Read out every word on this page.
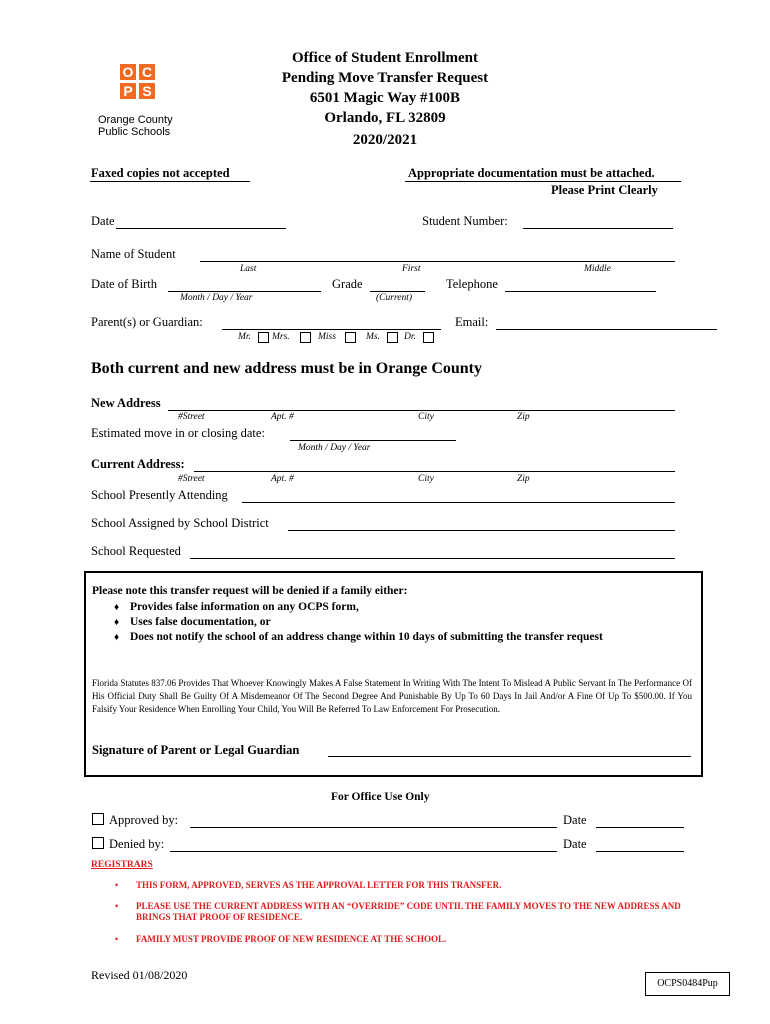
O C
P S
Orange County
Public Schools
Office of Student Enrollment
Pending Move Transfer Request
6501 Magic Way #100B
Orlando, FL 32809
2020/2021
Faxed copies not accepted	Appropriate documentation must be attached.
Please Print Clearly
Date	Student Number:
Name of Student
Last	First	Middle
Date of Birth
Month / Day / Year
Grade
(Current)
Telephone
Parent(s) or Guardian:	Email:
Mr. Mrs.	Miss	Ms.	Dr.
Both current and new address must be in Orange County
New Address
#Street	Apt. #	City	Zip
Estimated move in or closing date:
Month / Day / Year
Current Address:
#Street	Apt. #	City	Zip
School Presently Attending
School Assigned by School District
School Requested
Please note this transfer request will be denied if a family either:
♦ Provides false information on any OCPS form,
♦ Uses false documentation, or
♦ Does not notify the school of an address change within 10 days of submitting the transfer request
Florida Statutes 837.06 Provides That Whoever Knowingly Makes A False Statement In Writing With The Intent To Mislead A Public Servant In The Performance Of His Official Duty Shall Be Guilty Of A Misdemeanor Of The Second Degree And Punishable By Up To 60 Days In Jail And/or A Fine Of Up To $500.00. If You Falsify Your Residence When Enrolling Your Child, You Will Be Referred To Law Enforcement For Prosecution.
Signature of Parent or Legal Guardian
For Office Use Only
Approved by:	Date
Denied by:	Date
REGISTRARS
• THIS FORM, APPROVED, SERVES AS THE APPROVAL LETTER FOR THIS TRANSFER.
• PLEASE USE THE CURRENT ADDRESS WITH AN “OVERRIDE” CODE UNTIL THE FAMILY MOVES TO THE NEW ADDRESS AND BRINGS THAT PROOF OF RESIDENCE.
• FAMILY MUST PROVIDE PROOF OF NEW RESIDENCE AT THE SCHOOL.
Revised 01/08/2020
OCPS0484Pup
